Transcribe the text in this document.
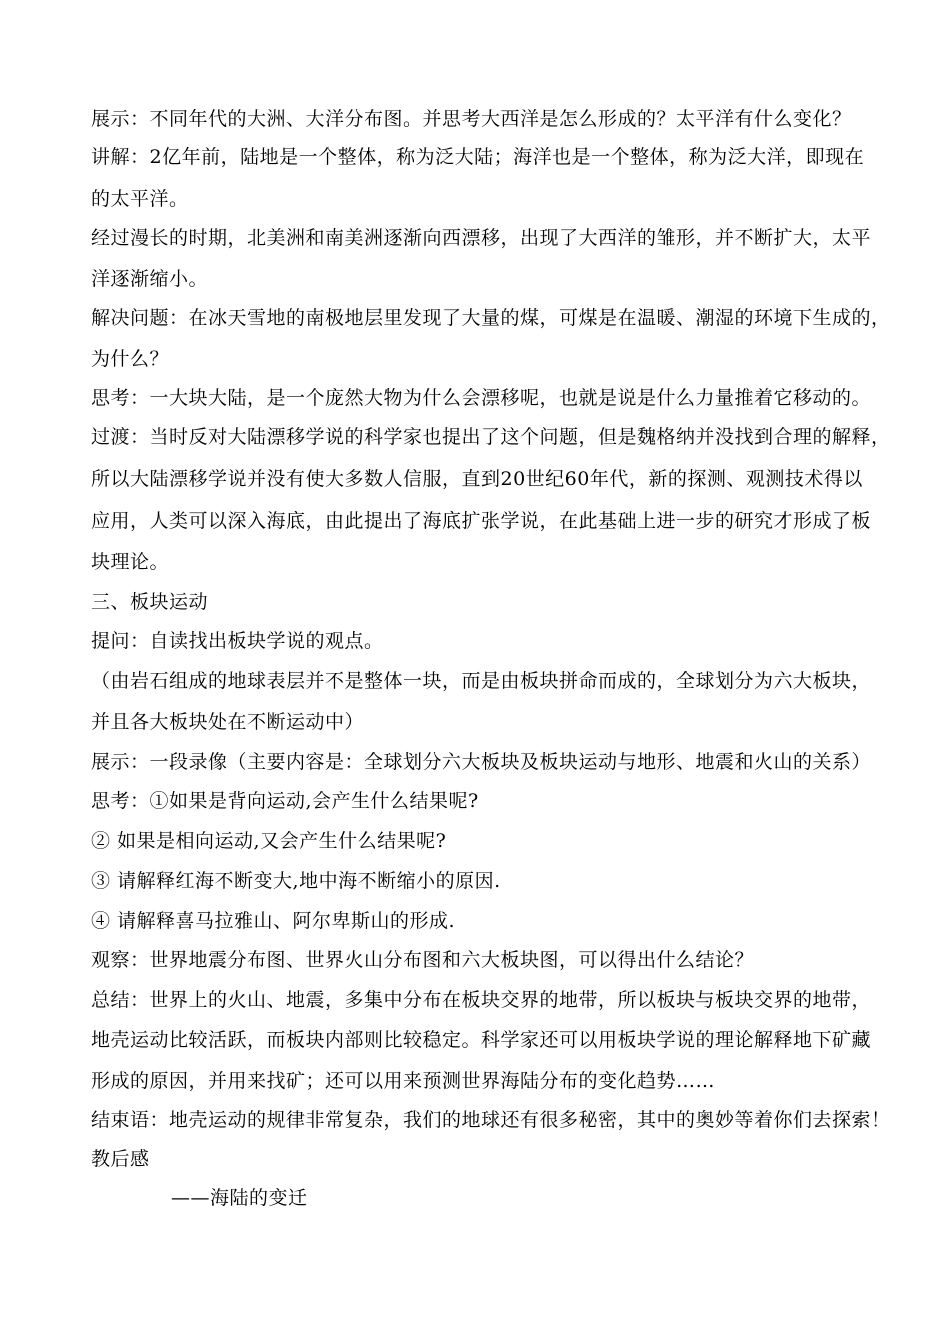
展示：不同年代的大洲、大洋分布图。并思考大西洋是怎么形成的？太平洋有什么变化？
讲解：2亿年前，陆地是一个整体，称为泛大陆；海洋也是一个整体，称为泛大洋，即现在
的太平洋。
经过漫长的时期，北美洲和南美洲逐渐向西漂移，出现了大西洋的雏形，并不断扩大，太平
洋逐渐缩小。
解决问题：在冰天雪地的南极地层里发现了大量的煤，可煤是在温暖、潮湿的环境下生成的，
为什么？
思考：一大块大陆，是一个庞然大物为什么会漂移呢，也就是说是什么力量推着它移动的。
过渡：当时反对大陆漂移学说的科学家也提出了这个问题，但是魏格纳并没找到合理的解释，
所以大陆漂移学说并没有使大多数人信服，直到20世纪60年代，新的探测、观测技术得以
应用，人类可以深入海底，由此提出了海底扩张学说，在此基础上进一步的研究才形成了板
块理论。
三、板块运动
提问：自读找出板块学说的观点。
（由岩石组成的地球表层并不是整体一块，而是由板块拼命而成的，全球划分为六大板块，
并且各大板块处在不断运动中）
展示：一段录像（主要内容是：全球划分六大板块及板块运动与地形、地震和火山的关系）
思考：①如果是背向运动,会产生什么结果呢?
② 如果是相向运动,又会产生什么结果呢?
③ 请解释红海不断变大,地中海不断缩小的原因.
④ 请解释喜马拉雅山、阿尔卑斯山的形成.
观察：世界地震分布图、世界火山分布图和六大板块图，可以得出什么结论？
总结：世界上的火山、地震，多集中分布在板块交界的地带，所以板块与板块交界的地带，
地壳运动比较活跃，而板块内部则比较稳定。科学家还可以用板块学说的理论解释地下矿藏
形成的原因，并用来找矿；还可以用来预测世界海陆分布的变化趋势……
结束语：地壳运动的规律非常复杂，我们的地球还有很多秘密，其中的奥妙等着你们去探索！
教后感
——海陆的变迁
